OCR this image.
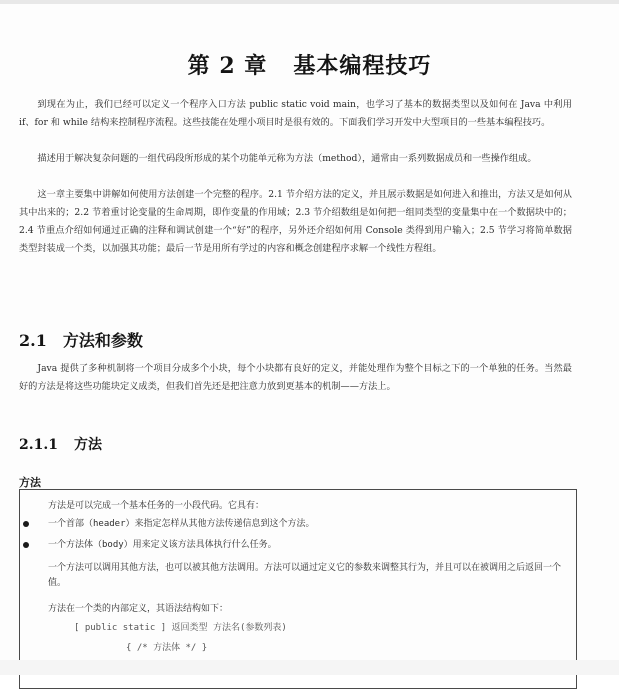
第 2 章 基本编程技巧

到现在为止，我们已经可以定义一个程序入口方法 public static void main，也学习了基本的数据类型以及如何在 Java 中利用 if、for 和 while 结构来控制程序流程。这些技能在处理小项目时是很有效的。下面我们学习开发中大型项目的一些基本编程技巧。

描述用于解决复杂问题的一组代码段所形成的某个功能单元称为方法（method），通常由一系列数据成员和一些操作组成。

这一章主要集中讲解如何使用方法创建一个完整的程序。2.1 节介绍方法的定义，并且展示数据是如何进入和推出，方法又是如何从其中出来的；2.2 节着重讨论变量的生命周期，即作变量的作用域；2.3 节介绍数组是如何把一组同类型的变量集中在一个数据块中的；2.4 节重点介绍如何通过正确的注释和调试创建一个“好”的程序，另外还介绍如何用 Console 类得到用户输入；2.5 节学习将简单数据类型封装成一个类，以加强其功能；最后一节是用所有学过的内容和概念创建程序求解一个线性方程组。

2.1 方法和参数

Java 提供了多种机制将一个项目分成多个小块，每个小块都有良好的定义，并能处理作为整个目标之下的一个单独的任务。当然最好的方法是将这些功能块定义成类，但我们首先还是把注意力放到更基本的机制——方法上。

2.1.1 方法

方法

方法是可以完成一个基本任务的一小段代码。它具有：

一个首部（header）来指定怎样从其他方法传递信息到这个方法。

一个方法体（body）用来定义该方法具体执行什么任务。

一个方法可以调用其他方法，也可以被其他方法调用。方法可以通过定义它的参数来调整其行为，并且可以在被调用之后返回一个值。

方法在一个类的内部定义，其语法结构如下：

[ public static ] 返回类型 方法名(参数列表)

{ /* 方法体 */ }
